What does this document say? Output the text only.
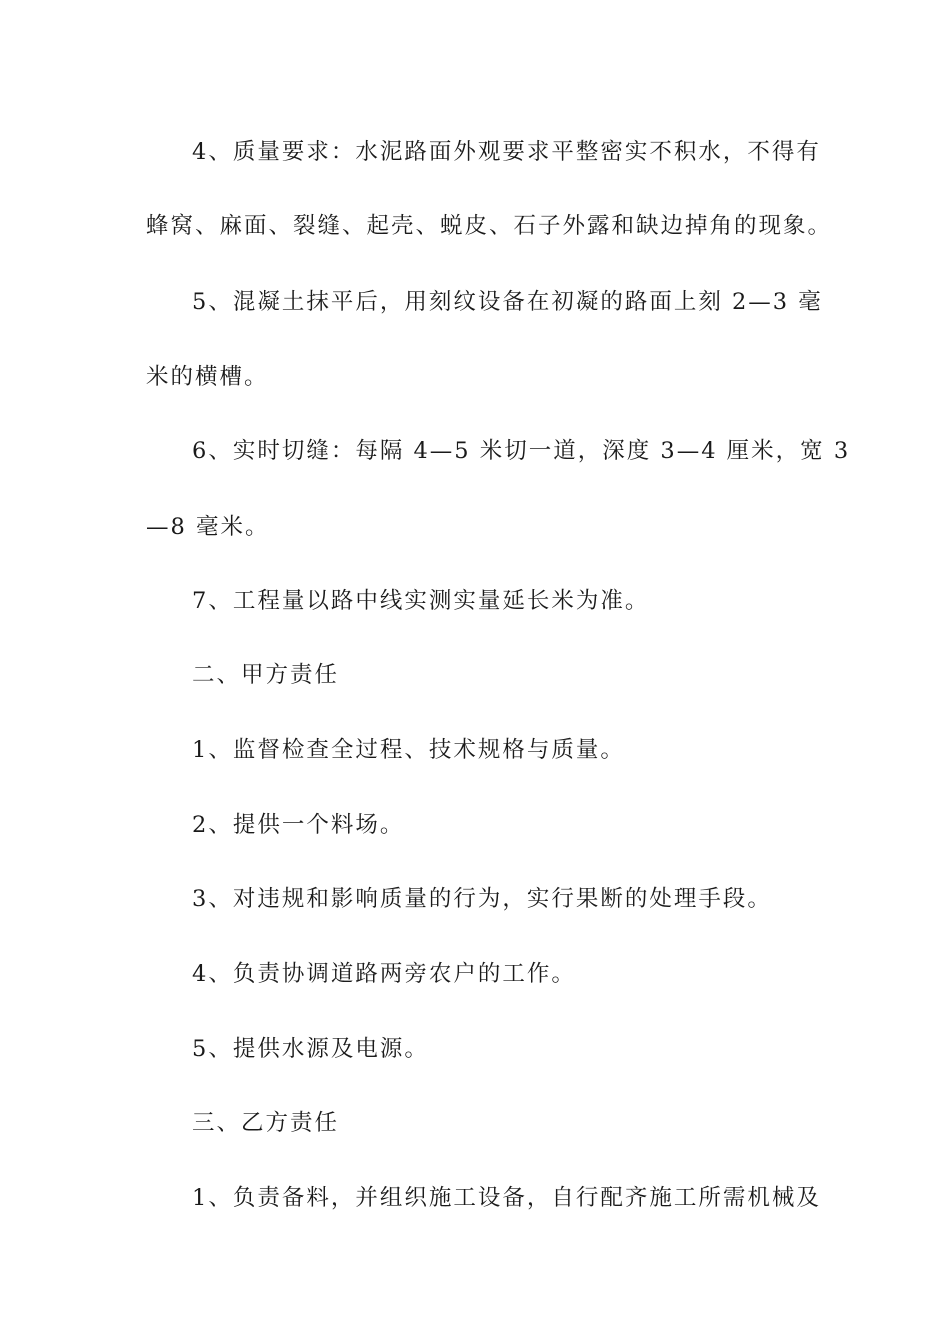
4、质量要求：水泥路面外观要求平整密实不积水，不得有
蜂窝、麻面、裂缝、起壳、蜕皮、石子外露和缺边掉角的现象。
5、混凝土抹平后，用刻纹设备在初凝的路面上刻 2—3 毫
米的横槽。
6、实时切缝：每隔 4—5 米切一道，深度 3—4 厘米，宽 3
—8 毫米。
7、工程量以路中线实测实量延长米为准。
二、甲方责任
1、监督检查全过程、技术规格与质量。
2、提供一个料场。
3、对违规和影响质量的行为，实行果断的处理手段。
4、负责协调道路两旁农户的工作。
5、提供水源及电源。
三、乙方责任
1、负责备料，并组织施工设备，自行配齐施工所需机械及
